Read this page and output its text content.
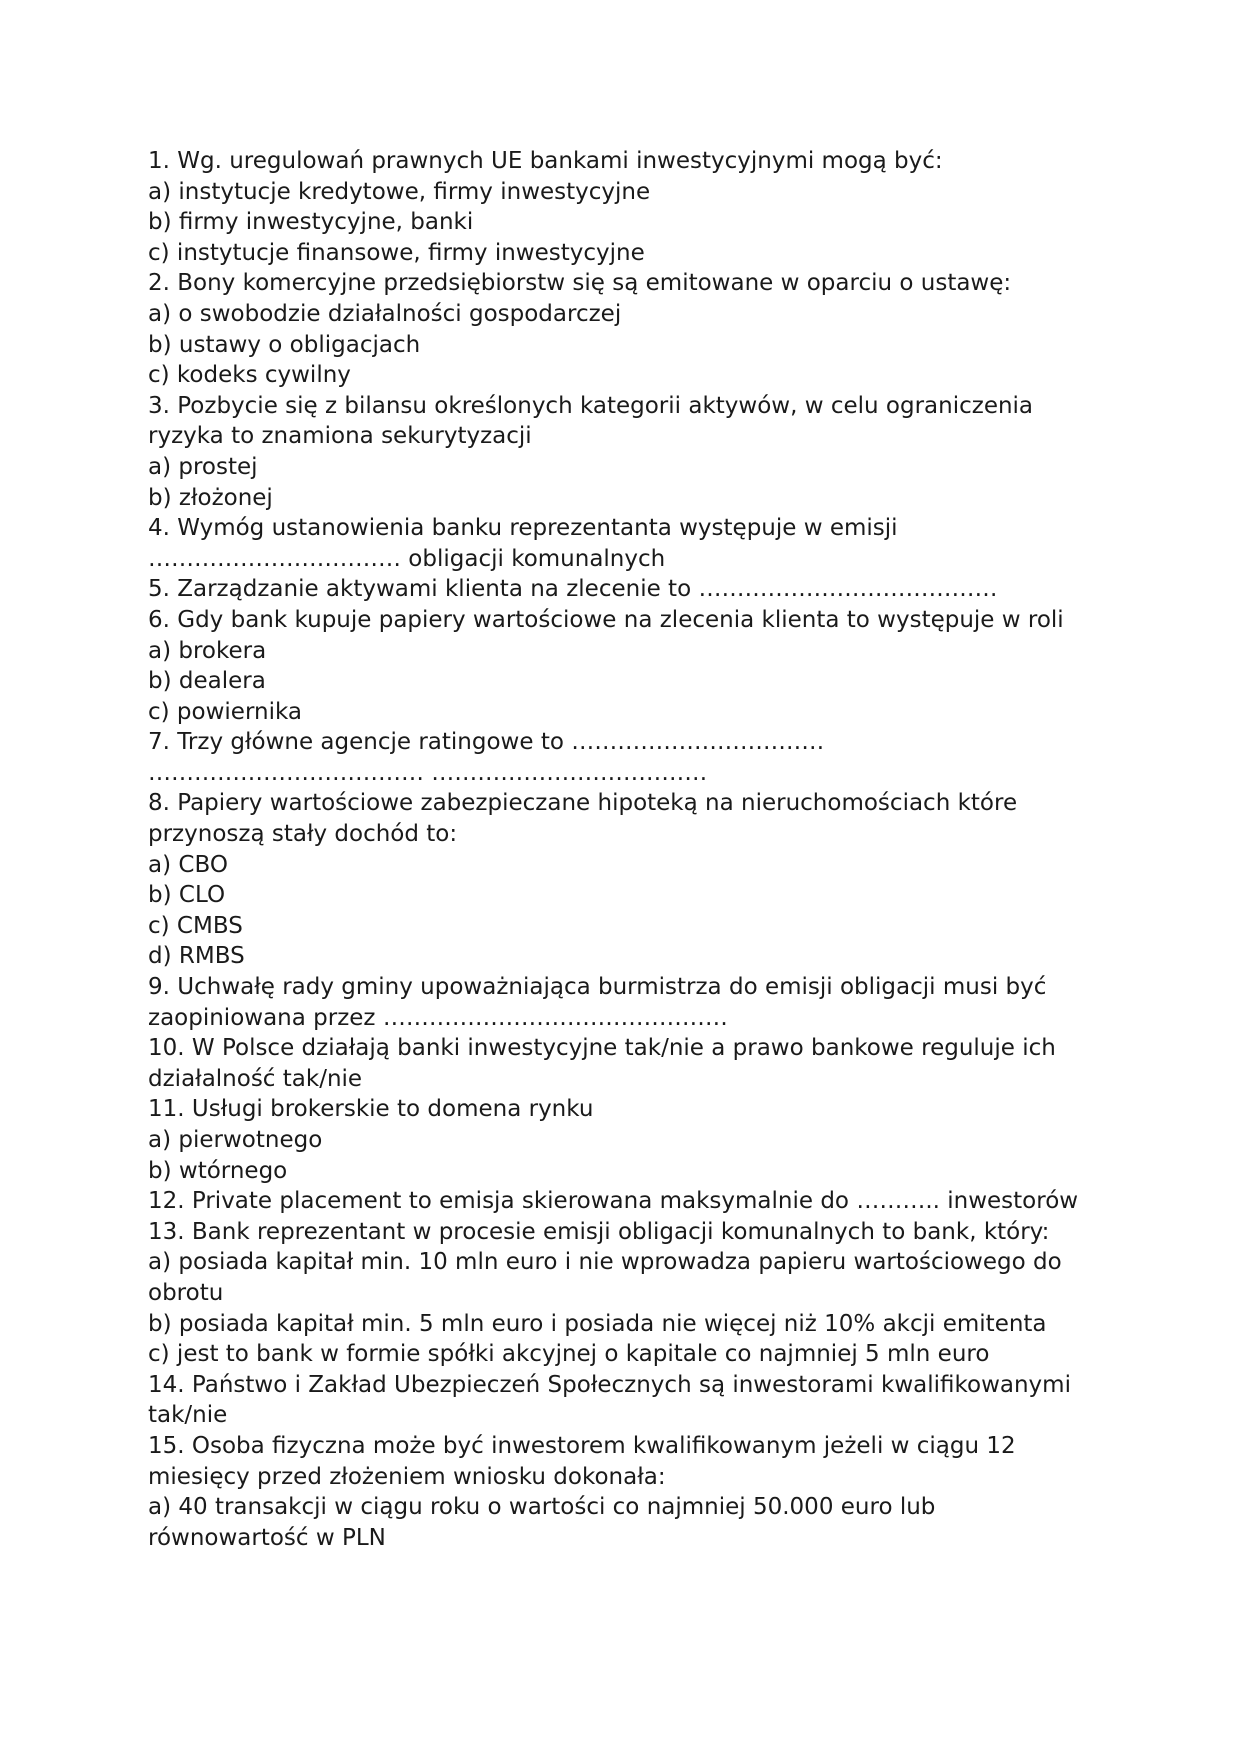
1. Wg. uregulowań prawnych UE bankami inwestycyjnymi mogą być:
a) instytucje kredytowe, firmy inwestycyjne
b) firmy inwestycyjne, banki
c) instytucje finansowe, firmy inwestycyjne
2. Bony komercyjne przedsiębiorstw się są emitowane w oparciu o ustawę:
a) o swobodzie działalności gospodarczej
b) ustawy o obligacjach
c) kodeks cywilny
3. Pozbycie się z bilansu określonych kategorii aktywów, w celu ograniczenia
ryzyka to znamiona sekurytyzacji
a) prostej
b) złożonej
4. Wymóg ustanowienia banku reprezentanta występuje w emisji
…………………………… obligacji komunalnych
5. Zarządzanie aktywami klienta na zlecenie to …………………………………
6. Gdy bank kupuje papiery wartościowe na zlecenia klienta to występuje w roli
a) brokera
b) dealera
c) powiernika
7. Trzy główne agencje ratingowe to ……………………………
……………………………… ………………………………
8. Papiery wartościowe zabezpieczane hipoteką na nieruchomościach które
przynoszą stały dochód to:
a) CBO
b) CLO
c) CMBS
d) RMBS
9. Uchwałę rady gminy upoważniająca burmistrza do emisji obligacji musi być
zaopiniowana przez ………………………………………
10. W Polsce działają banki inwestycyjne tak/nie a prawo bankowe reguluje ich
działalność tak/nie
11. Usługi brokerskie to domena rynku
a) pierwotnego
b) wtórnego
12. Private placement to emisja skierowana maksymalnie do ……….. inwestorów
13. Bank reprezentant w procesie emisji obligacji komunalnych to bank, który:
a) posiada kapitał min. 10 mln euro i nie wprowadza papieru wartościowego do
obrotu
b) posiada kapitał min. 5 mln euro i posiada nie więcej niż 10% akcji emitenta
c) jest to bank w formie spółki akcyjnej o kapitale co najmniej 5 mln euro
14. Państwo i Zakład Ubezpieczeń Społecznych są inwestorami kwalifikowanymi
tak/nie
15. Osoba fizyczna może być inwestorem kwalifikowanym jeżeli w ciągu 12
miesięcy przed złożeniem wniosku dokonała:
a) 40 transakcji w ciągu roku o wartości co najmniej 50.000 euro lub
równowartość w PLN
